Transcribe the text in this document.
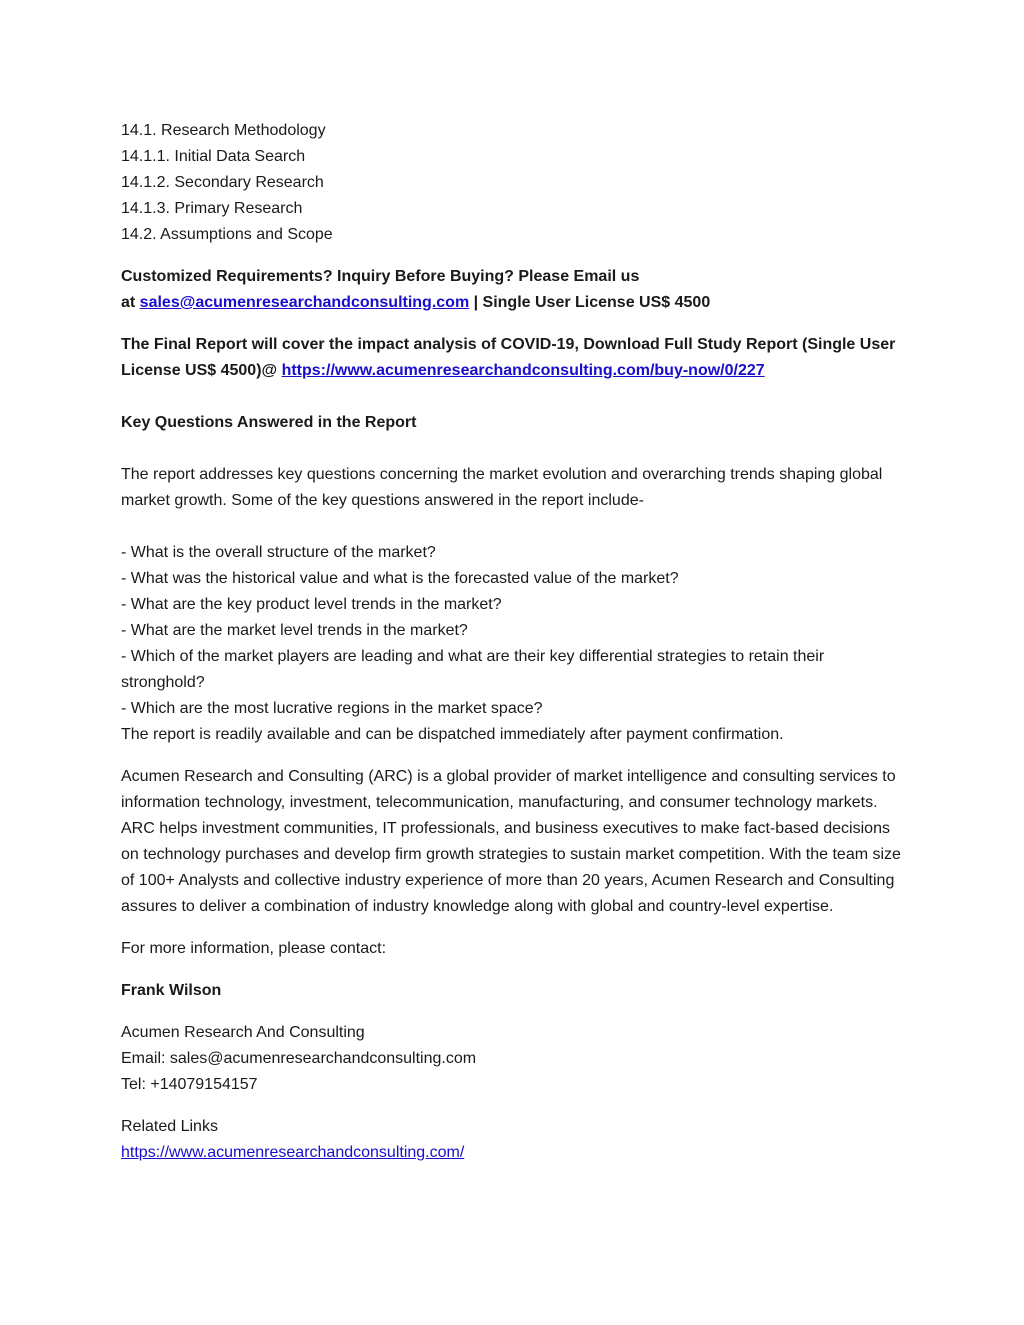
14.1. Research Methodology
14.1.1. Initial Data Search
14.1.2. Secondary Research
14.1.3. Primary Research
14.2. Assumptions and Scope
Customized Requirements? Inquiry Before Buying? Please Email us
at sales@acumenresearchandconsulting.com | Single User License US$ 4500
The Final Report will cover the impact analysis of COVID-19, Download Full Study Report (Single User License US$ 4500)@ https://www.acumenresearchandconsulting.com/buy-now/0/227
Key Questions Answered in the Report
The report addresses key questions concerning the market evolution and overarching trends shaping global market growth. Some of the key questions answered in the report include-
- What is the overall structure of the market?
- What was the historical value and what is the forecasted value of the market?
- What are the key product level trends in the market?
- What are the market level trends in the market?
- Which of the market players are leading and what are their key differential strategies to retain their stronghold?
- Which are the most lucrative regions in the market space?
The report is readily available and can be dispatched immediately after payment confirmation.
Acumen Research and Consulting (ARC) is a global provider of market intelligence and consulting services to information technology, investment, telecommunication, manufacturing, and consumer technology markets. ARC helps investment communities, IT professionals, and business executives to make fact-based decisions on technology purchases and develop firm growth strategies to sustain market competition. With the team size of 100+ Analysts and collective industry experience of more than 20 years, Acumen Research and Consulting assures to deliver a combination of industry knowledge along with global and country-level expertise.
For more information, please contact:
Frank Wilson
Acumen Research And Consulting
Email: sales@acumenresearchandconsulting.com
Tel: +14079154157
Related Links
https://www.acumenresearchandconsulting.com/
